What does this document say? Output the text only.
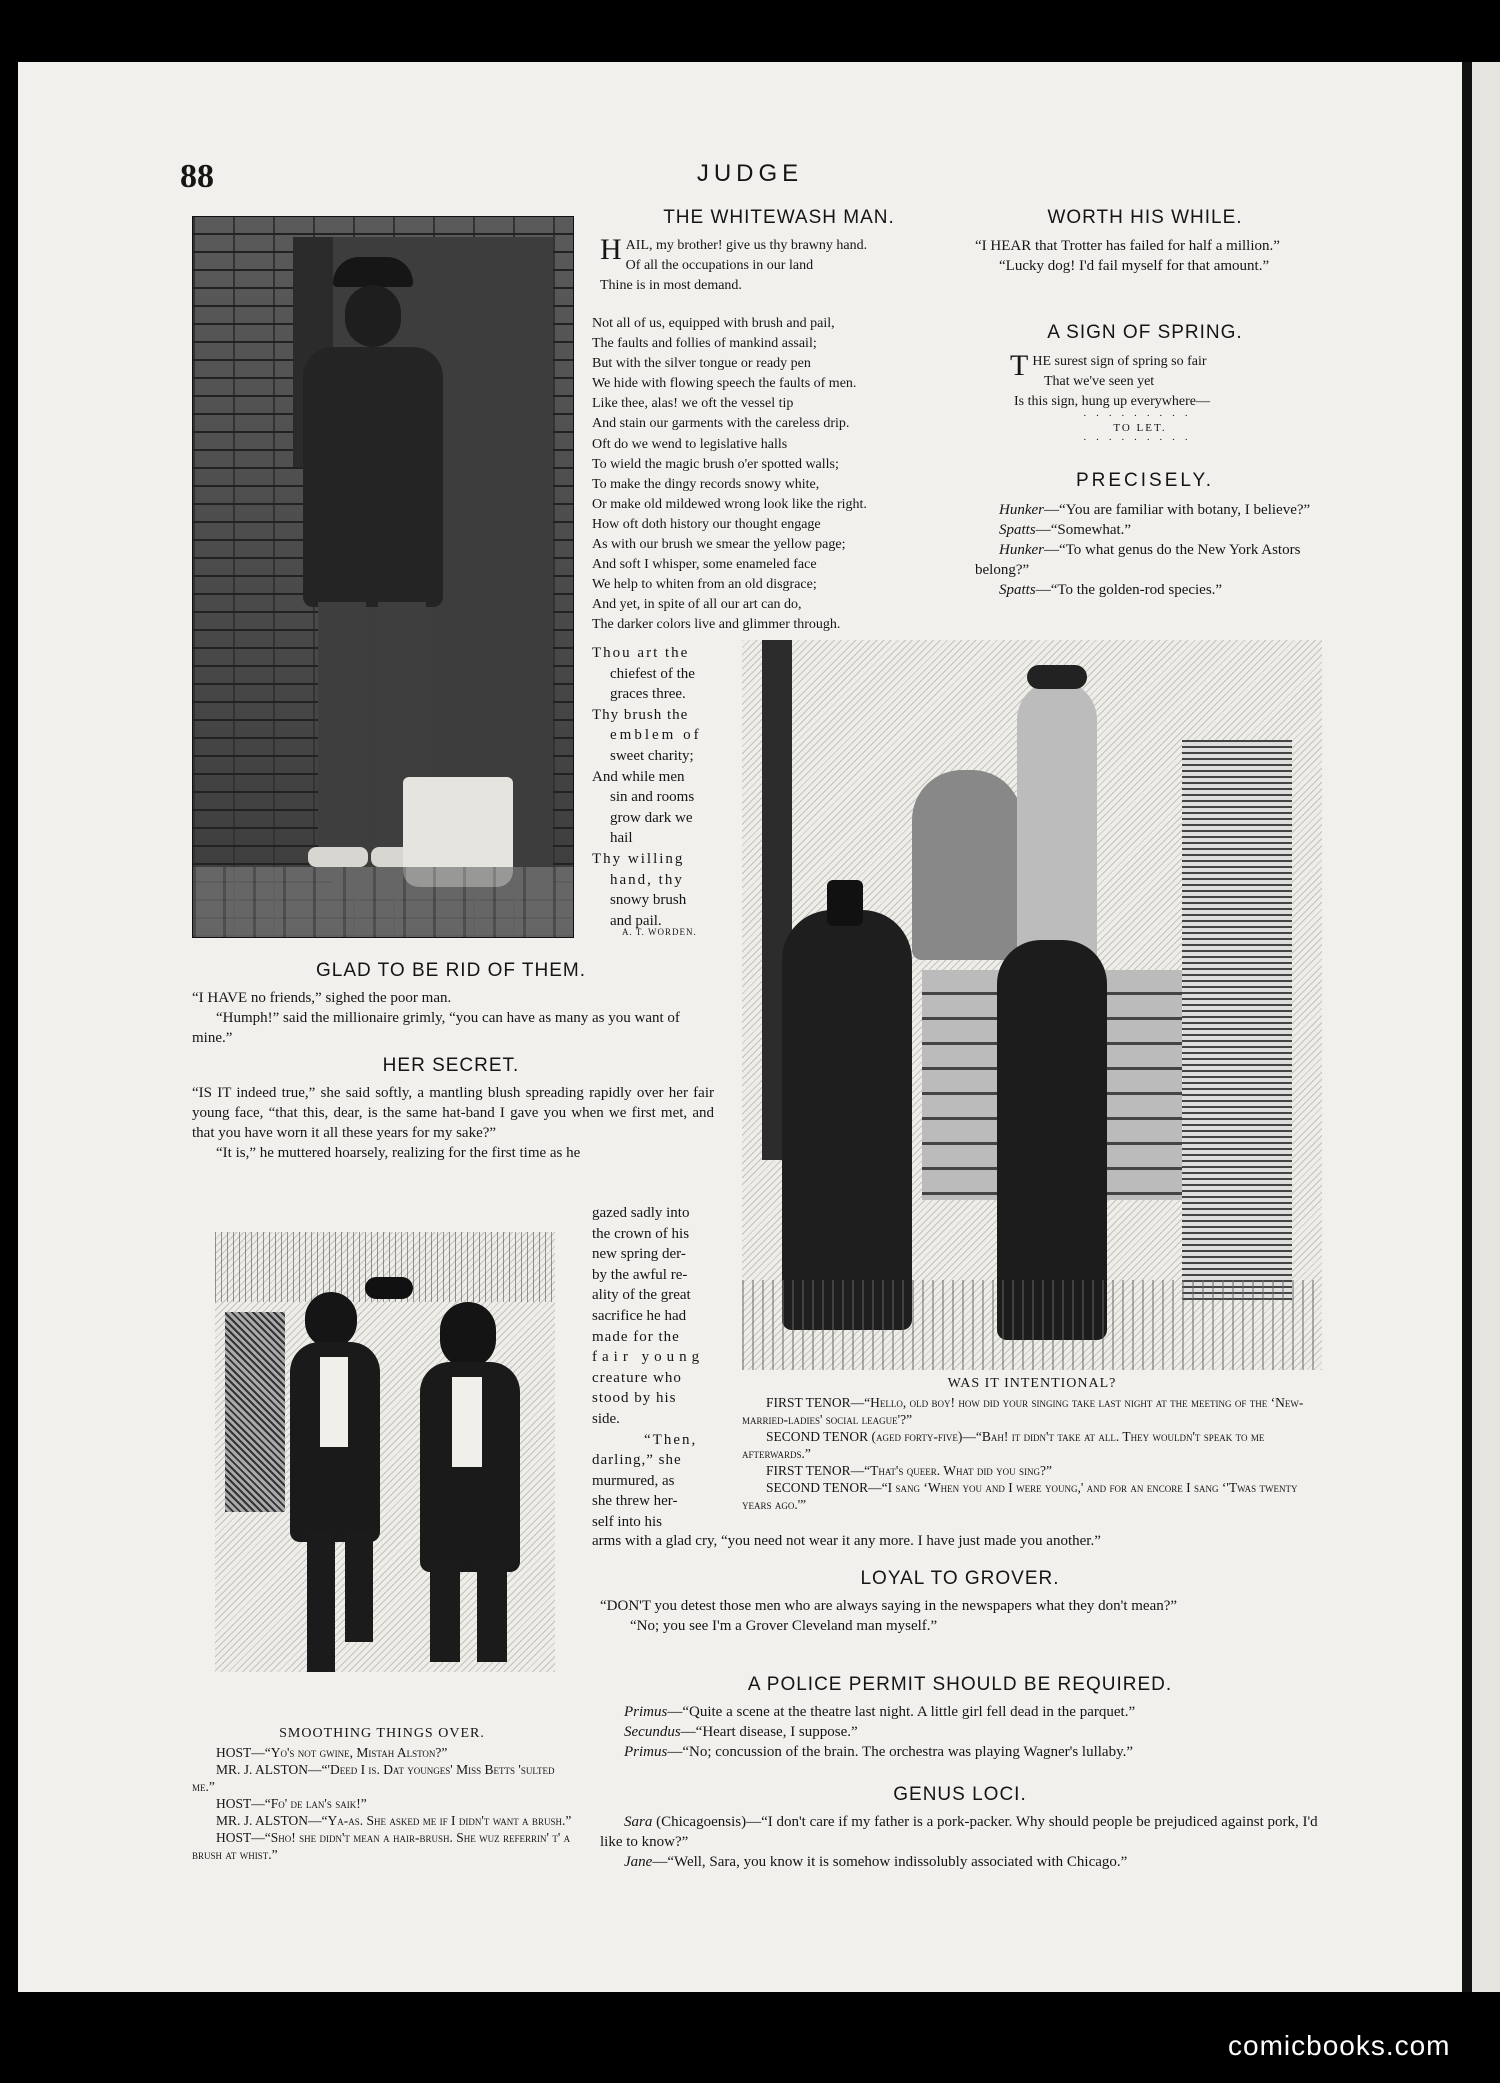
88	JUDGE
THE WHITEWASH MAN.
H AIL, my brother! give us thy brawny hand.
Of all the occupations in our land
Thine is in most demand.
Not all of us, equipped with brush and pail,
The faults and follies of mankind assail;
But with the silver tongue or ready pen
We hide with flowing speech the faults of men.
Like thee, alas! we oft the vessel tip
And stain our garments with the careless drip.
Oft do we wend to legislative halls
To wield the magic brush o'er spotted walls;
To make the dingy records snowy white,
Or make old mildewed wrong look like the right.
How oft doth history our thought engage
As with our brush we smear the yellow page;
And soft I whisper, some enameled face
We help to whiten from an old disgrace;
And yet, in spite of all our art can do,
The darker colors live and glimmer through.
Thou art the
chiefest of the
graces three.
Thy brush the
emblem of
sweet charity;
And while men
sin and rooms
grow dark we
hail
Thy willing
hand, thy
snowy brush
and pail.
A. T. WORDEN.
WORTH HIS WHILE.

“I HEAR that Trotter has failed for half a million.”

“Lucky dog! I'd fail myself for that amount.”

A SIGN OF SPRING.
T HE surest sign of spring so fair
That we've seen yet
Is this sign, hung up everywhere—
·········
TO LET.
·········
PRECISELY.

Hunker—“You are familiar with botany, I believe?”

Spatts—“Somewhat.”

Hunker—“To what genus do the New York Astors belong?”

Spatts—“To the golden-rod species.”

WAS IT INTENTIONAL?

FIRST TENOR—“Hello, old boy! how did your singing take last night at the meeting of the ‘New-married-ladies' social league'?”

SECOND TENOR (aged forty-five)—“Bah! it didn't take at all. They wouldn't speak to me afterwards.”

FIRST TENOR—“That's queer. What did you sing?”

SECOND TENOR—“I sang ‘When you and I were young,' and for an encore I sang ‘'Twas twenty years ago.'”

GLAD TO BE RID OF THEM.

“I HAVE no friends,” sighed the poor man.

“Humph!” said the millionaire grimly, “you can have as many as you want of mine.”

HER SECRET.

“IS IT indeed true,” she said softly, a mantling blush spreading rapidly over her fair young face, “that this, dear, is the same hat-band I gave you when we first met, and that you have worn it all these years for my sake?”

“It is,” he muttered hoarsely, realizing for the first time as he

gazed sadly into
the crown of his
new spring der-
by the awful re-
ality of the great
sacrifice he had
made for the
fair young
creature who
stood by his
side.
“Then,
darling,” she
murmured, as
she threw her-
self into his

arms with a glad cry, “you need not wear it any more. I have just made you another.”

SMOOTHING THINGS OVER.

HOST—“Yo's not gwine, Mistah Alston?”

MR. J. ALSTON—“'Deed I is. Dat younges' Miss Betts 'sulted me.”

HOST—“Fo' de lan's saik!”

MR. J. ALSTON—“Ya-as. She asked me if I didn't want a brush.”

HOST—“Sho! she didn't mean a hair-brush. She wuz referrin' t' a brush at whist.”

LOYAL TO GROVER.

“DON'T you detest those men who are always saying in the newspapers what they don't mean?”

“No; you see I'm a Grover Cleveland man myself.”

A POLICE PERMIT SHOULD BE REQUIRED.

Primus—“Quite a scene at the theatre last night. A little girl fell dead in the parquet.”

Secundus—“Heart disease, I suppose.”

Primus—“No; concussion of the brain. The orchestra was playing Wagner's lullaby.”

GENUS LOCI.

Sara (Chicagoensis)—“I don't care if my father is a pork-packer. Why should people be prejudiced against pork, I'd like to know?”

Jane—“Well, Sara, you know it is somehow indissolubly associated with Chicago.”

comicbooks.com
